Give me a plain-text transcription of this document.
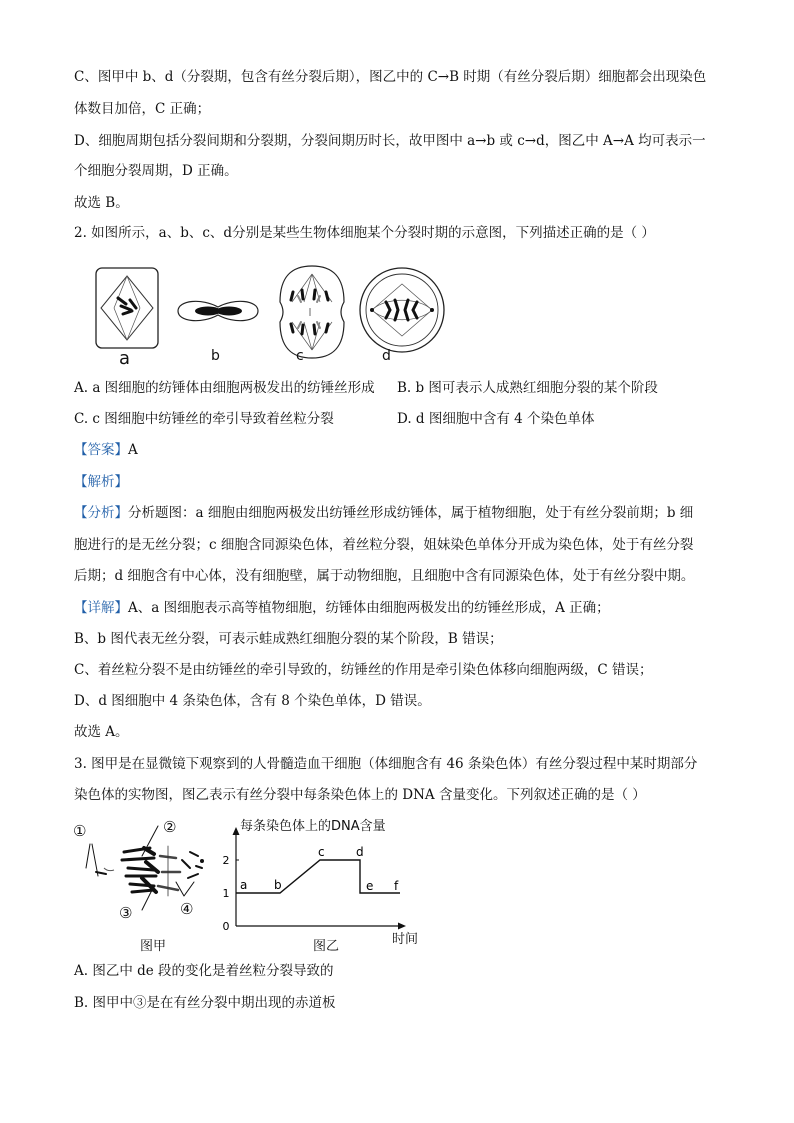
C、图甲中 b、d（分裂期，包含有丝分裂后期），图乙中的 C→B 时期（有丝分裂后期）细胞都会出现染色
体数目加倍，C 正确；
D、细胞周期包括分裂间期和分裂期，分裂间期历时长，故甲图中 a→b 或 c→d，图乙中 A→A 均可表示一
个细胞分裂周期，D 正确。
故选 B。
2. 如图所示，a、b、c、d分别是某些生物体细胞某个分裂时期的示意图，下列描述正确的是（ ）
a	b	c	d
A. a 图细胞的纺锤体由细胞两极发出的纺锤丝形成 B. b 图可表示人成熟红细胞分裂的某个阶段
C. c 图细胞中纺锤丝的牵引导致着丝粒分裂	D. d 图细胞中含有 4 个染色单体
【答案】A
【解析】
【分析】分析题图：a 细胞由细胞两极发出纺锤丝形成纺锤体，属于植物细胞，处于有丝分裂前期；b 细
胞进行的是无丝分裂；c 细胞含同源染色体，着丝粒分裂，姐妹染色单体分开成为染色体，处于有丝分裂
后期；d 细胞含有中心体，没有细胞壁，属于动物细胞，且细胞中含有同源染色体，处于有丝分裂中期。
【详解】A、a 图细胞表示高等植物细胞，纺锤体由细胞两极发出的纺锤丝形成，A 正确；
B、b 图代表无丝分裂，可表示蛙成熟红细胞分裂的某个阶段，B 错误；
C、着丝粒分裂不是由纺锤丝的牵引导致的，纺锤丝的作用是牵引染色体移向细胞两级，C 错误；
D、d 图细胞中 4 条染色体，含有 8 个染色单体，D 错误。
故选 A。
3. 图甲是在显微镜下观察到的人骨髓造血干细胞（体细胞含有 46 条染色体）有丝分裂过程中某时期部分
染色体的实物图，图乙表示有丝分裂中每条染色体上的 DNA 含量变化。下列叙述正确的是（ ）
①	②
③	④
图甲
每条染色体上的DNA含量
0
1
2
a b
c	d
e f
时间
图乙
A. 图乙中 de 段的变化是着丝粒分裂导致的
B. 图甲中③是在有丝分裂中期出现的赤道板
